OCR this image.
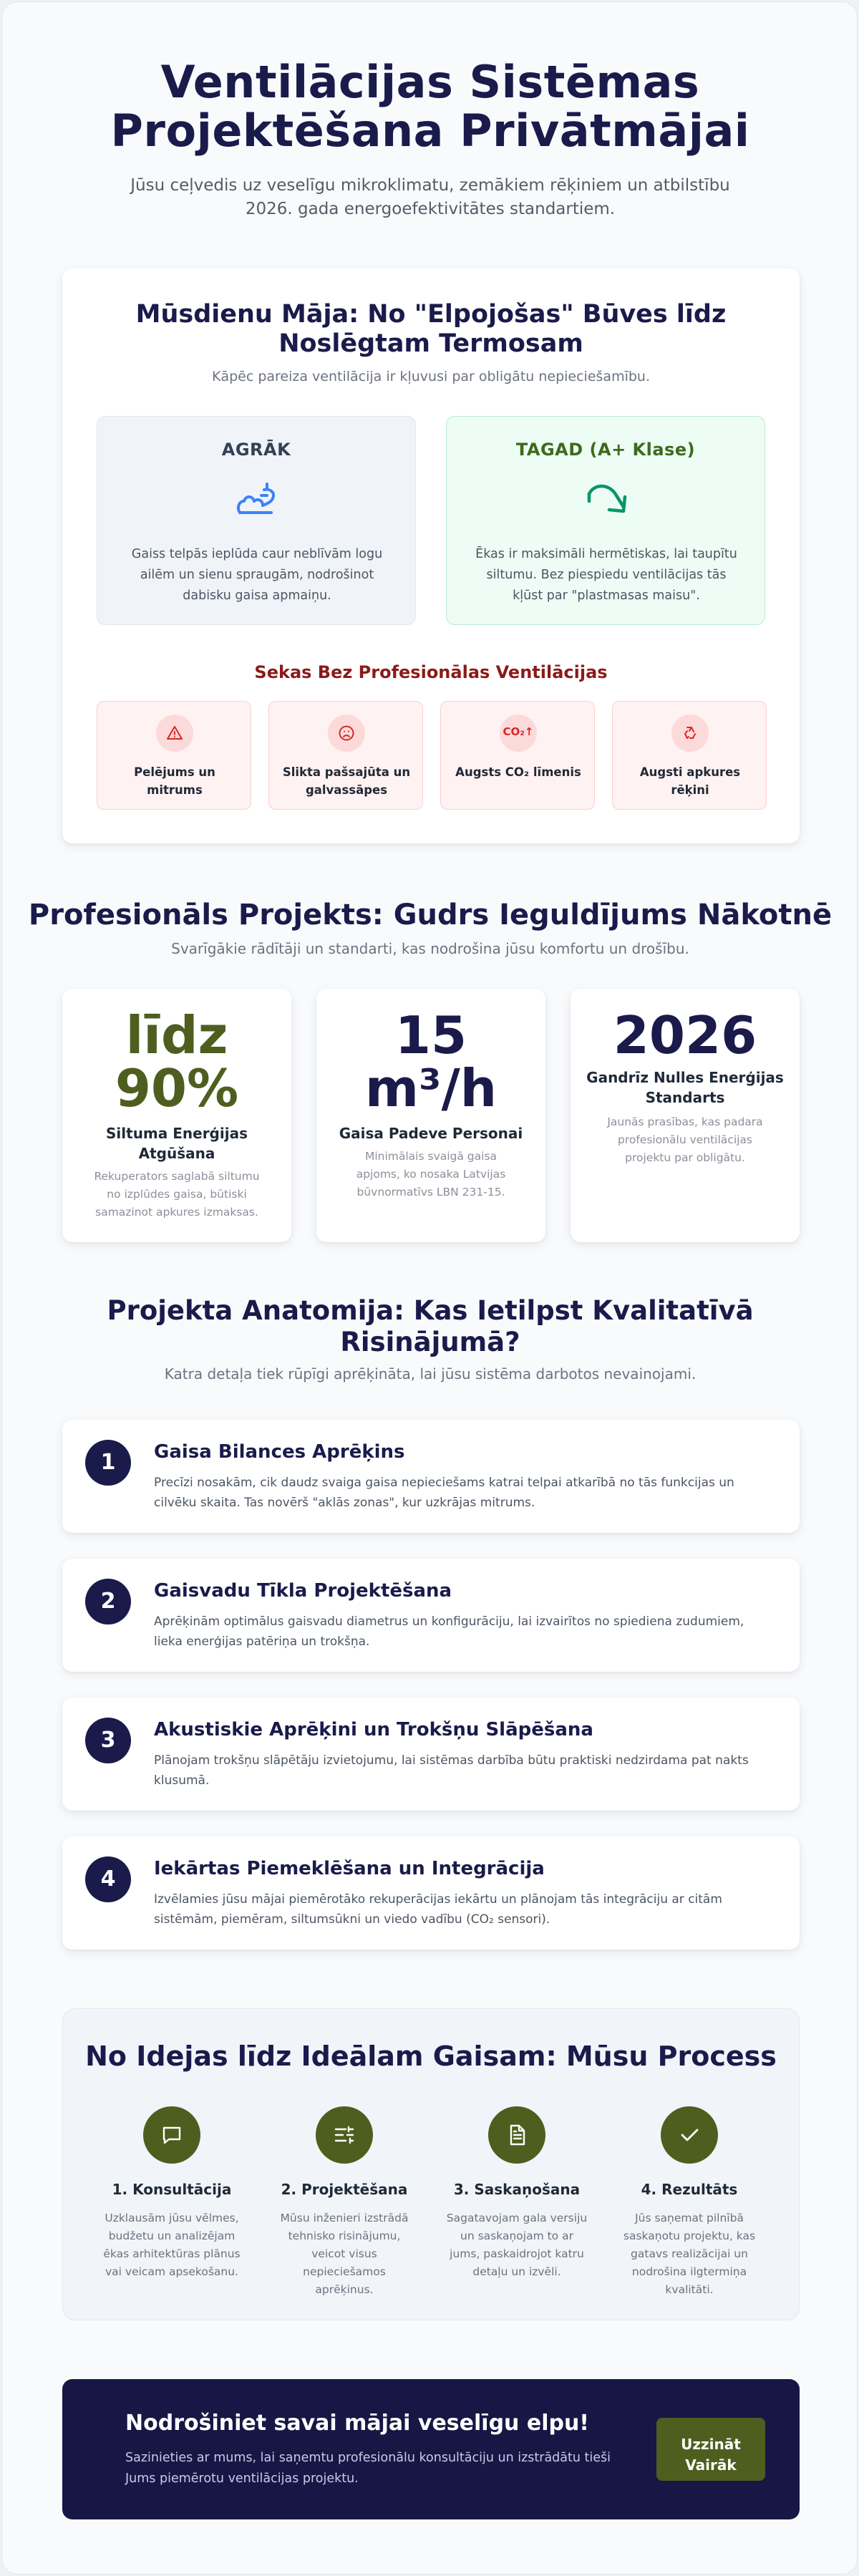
Ventilācijas Sistēmas
Projektēšana Privātmājai

Jūsu ceļvedis uz veselīgu mikroklimatu, zemākiem rēķiniem un atbilstību 2026. gada energoefektivitātes standartiem.

Mūsdienu Māja: No "Elpojošas" Būves līdz
Noslēgtam Termosam
Kāpēc pareiza ventilācija ir kļuvusi par obligātu nepieciešamību.
AGRĀK

Gaiss telpās ieplūda caur neblīvām logu ailēm un sienu spraugām, nodrošinot dabisku gaisa apmaiņu.

TAGAD (A+ Klase)

Ēkas ir maksimāli hermētiskas, lai taupītu siltumu. Bez piespiedu ventilācijas tās kļūst par "plastmasas maisu".

Sekas Bez Profesionālas Ventilācijas
Pelējums un mitrums
Slikta pašsajūta un galvassāpes
CO₂↑
Augsts CO₂ līmenis	Augsti apkures rēķini
Profesionāls Projekts: Gudrs Ieguldījums Nākotnē
Svarīgākie rādītāji un standarti, kas nodrošina jūsu komfortu un drošību.
līdz
90%
Siltuma Enerģijas Atgūšana
Rekuperators saglabā siltumu no izplūdes gaisa, būtiski samazinot apkures izmaksas.
15
m³/h
Gaisa Padeve Personai
Minimālais svaigā gaisa apjoms, ko nosaka Latvijas būvnormatīvs LBN 231-15.
2026
Gandrīz Nulles Enerģijas Standarts
Jaunās prasības, kas padara profesionālu ventilācijas projektu par obligātu.
Projekta Anatomija: Kas Ietilpst Kvalitatīvā
Risinājumā?
Katra detaļa tiek rūpīgi aprēķināta, lai jūsu sistēma darbotos nevainojami.
1	Gaisa Bilances Aprēķins

Precīzi nosakām, cik daudz svaiga gaisa nepieciešams katrai telpai atkarībā no tās funkcijas un cilvēku skaita. Tas novērš "aklās zonas", kur uzkrājas mitrums.

2	Gaisvadu Tīkla Projektēšana

Aprēķinām optimālus gaisvadu diametrus un konfigurāciju, lai izvairītos no spiediena zudumiem, lieka enerģijas patēriņa un trokšņa.

3	Akustiskie Aprēķini un Trokšņu Slāpēšana

Plānojam trokšņu slāpētāju izvietojumu, lai sistēmas darbība būtu praktiski nedzirdama pat nakts klusumā.

4	Iekārtas Piemeklēšana un Integrācija

Izvēlamies jūsu mājai piemērotāko rekuperācijas iekārtu un plānojam tās integrāciju ar citām sistēmām, piemēram, siltumsūkni un viedo vadību (CO₂ sensori).

No Idejas līdz Ideālam Gaisam: Mūsu Process
1. Konsultācija

Uzklausām jūsu vēlmes, budžetu un analizējam ēkas arhitektūras plānus vai veicam apsekošanu.

2. Projektēšana

Mūsu inženieri izstrādā tehnisko risinājumu, veicot visus nepieciešamos aprēķinus.

3. Saskaņošana

Sagatavojam gala versiju un saskaņojam to ar jums, paskaidrojot katru detaļu un izvēli.

4. Rezultāts

Jūs saņemat pilnībā saskaņotu projektu, kas gatavs realizācijai un nodrošina ilgtermiņa kvalitāti.

Nodrošiniet savai mājai veselīgu elpu!

Sazinieties ar mums, lai saņemtu profesionālu konsultāciju un izstrādātu tieši Jums piemērotu ventilācijas projektu.

Uzzināt
Vairāk
